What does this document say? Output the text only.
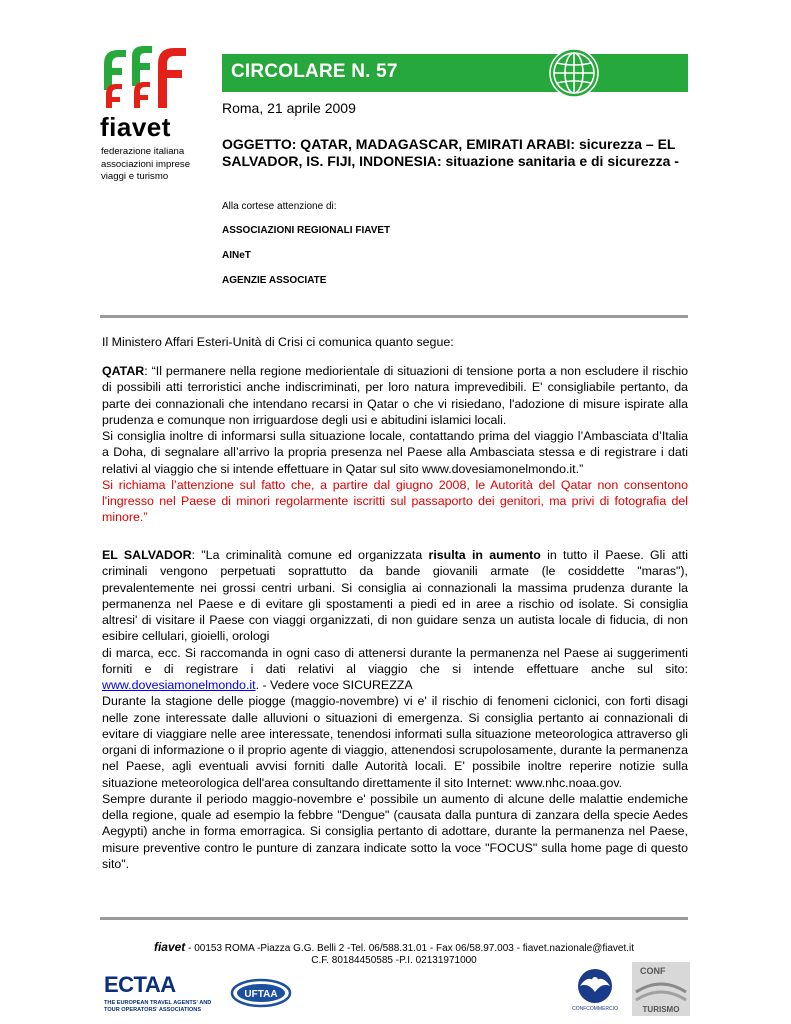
fiavet
federazione italiana
associazioni imprese
viaggi e turismo
CIRCOLARE N. 57
Roma, 21 aprile 2009
OGGETTO: QATAR, MADAGASCAR, EMIRATI ARABI: sicurezza – EL SALVADOR, IS. FIJI, INDONESIA: situazione sanitaria e di sicurezza -
Alla cortese attenzione di:
ASSOCIAZIONI REGIONALI FIAVET
AINeT
AGENZIE ASSOCIATE

Il Ministero Affari Esteri-Unità di Crisi ci comunica quanto segue:

QATAR: “Il permanere nella regione mediorientale di situazioni di tensione porta a non escludere il rischio di possibili atti terroristici anche indiscriminati, per loro natura imprevedibili. E' consigliabile pertanto, da parte dei connazionali che intendano recarsi in Qatar o che vi risiedano, l'adozione di misure ispirate alla prudenza e comunque non irriguardose degli usi e abitudini islamici locali.

Si consiglia inoltre di informarsi sulla situazione locale, contattando prima del viaggio l’Ambasciata d’Italia a Doha, di segnalare all’arrivo la propria presenza nel Paese alla Ambasciata stessa e di registrare i dati relativi al viaggio che si intende effettuare in Qatar sul sito www.dovesiamonelmondo.it.”

Si richiama l’attenzione sul fatto che, a partire dal giugno 2008, le Autorità del Qatar non consentono l'ingresso nel Paese di minori regolarmente iscritti sul passaporto dei genitori, ma privi di fotografia del minore.”

EL SALVADOR: "La criminalità comune ed organizzata risulta in aumento in tutto il Paese. Gli atti criminali vengono perpetuati soprattutto da bande giovanili armate (le cosiddette "maras"), prevalentemente nei grossi centri urbani. Si consiglia ai connazionali la massima prudenza durante la permanenza nel Paese e di evitare gli spostamenti a piedi ed in aree a rischio od isolate. Si consiglia altresi' di visitare il Paese con viaggi organizzati, di non guidare senza un autista locale di fiducia, di non esibire cellulari, gioielli, orologi

di marca, ecc. Si raccomanda in ogni caso di attenersi durante la permanenza nel Paese ai suggerimenti forniti e di registrare i dati relativi al viaggio che si intende effettuare anche sul sito: www.dovesiamonelmondo.it. - Vedere voce SICUREZZA

Durante la stagione delle piogge (maggio-novembre) vi e' il rischio di fenomeni ciclonici, con forti disagi nelle zone interessate dalle alluvioni o situazioni di emergenza. Si consiglia pertanto ai connazionali di evitare di viaggiare nelle aree interessate, tenendosi informati sulla situazione meteorologica attraverso gli organi di informazione o il proprio agente di viaggio, attenendosi scrupolosamente, durante la permanenza nel Paese, agli eventuali avvisi forniti dalle Autorità locali. E' possibile inoltre reperire notizie sulla situazione meteorologica dell'area consultando direttamente il sito Internet: www.nhc.noaa.gov.

Sempre durante il periodo maggio-novembre e' possibile un aumento di alcune delle malattie endemiche della regione, quale ad esempio la febbre "Dengue" (causata dalla puntura di zanzara della specie Aedes Aegypti) anche in forma emorragica. Si consiglia pertanto di adottare, durante la permanenza nel Paese, misure preventive contro le punture di zanzara indicate sotto la voce "FOCUS" sulla home page di questo sito".

fiavet - 00153 ROMA -Piazza G.G. Belli 2 -Tel. 06/588.31.01 - Fax 06/58.97.003 - fiavet.nazionale@fiavet.it
C.F. 80184450585 -P.I. 02131971000
ECTAA
THE EUROPEAN TRAVEL AGENTS' AND TOUR OPERATORS' ASSOCIATIONS
UFTAA
CONFCOMMERCIO
CONF
TURISMO
